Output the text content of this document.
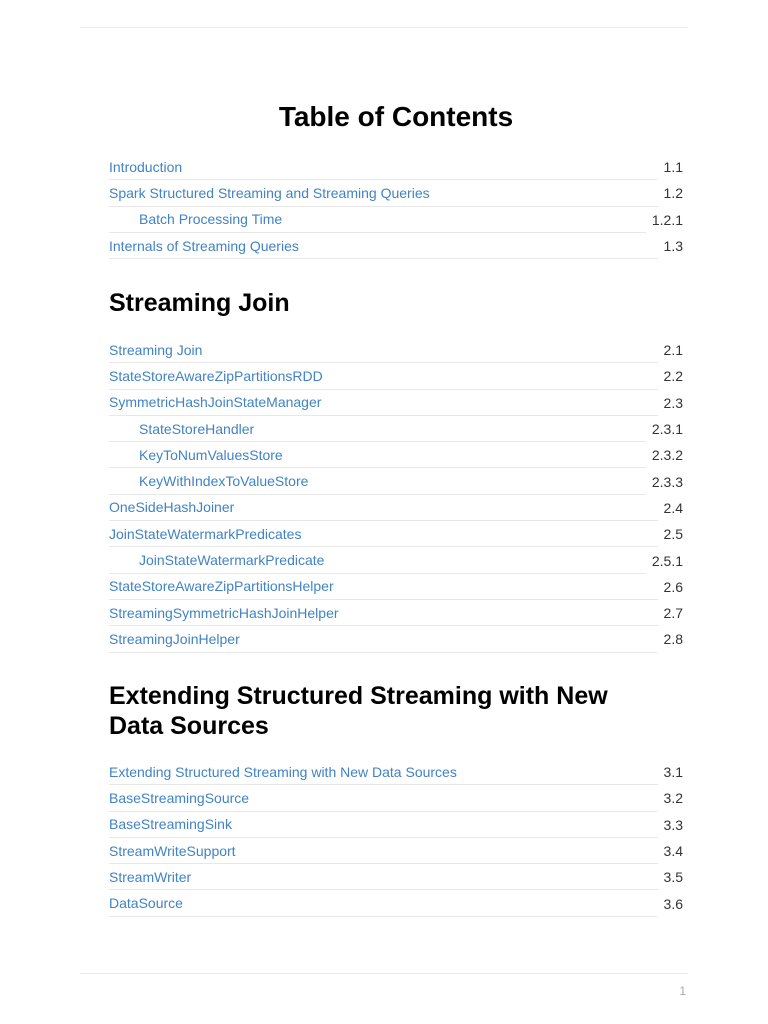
Table of Contents
Introduction	1.1
Spark Structured Streaming and Streaming Queries	1.2
Batch Processing Time	1.2.1
Internals of Streaming Queries	1.3
Streaming Join
Streaming Join	2.1
StateStoreAwareZipPartitionsRDD	2.2
SymmetricHashJoinStateManager	2.3
StateStoreHandler	2.3.1
KeyToNumValuesStore	2.3.2
KeyWithIndexToValueStore	2.3.3
OneSideHashJoiner	2.4
JoinStateWatermarkPredicates	2.5
JoinStateWatermarkPredicate	2.5.1
StateStoreAwareZipPartitionsHelper	2.6
StreamingSymmetricHashJoinHelper	2.7
StreamingJoinHelper	2.8
Extending Structured Streaming with New
Data Sources
Extending Structured Streaming with New Data Sources	3.1
BaseStreamingSource	3.2
BaseStreamingSink	3.3
StreamWriteSupport	3.4
StreamWriter	3.5
DataSource	3.6
1
